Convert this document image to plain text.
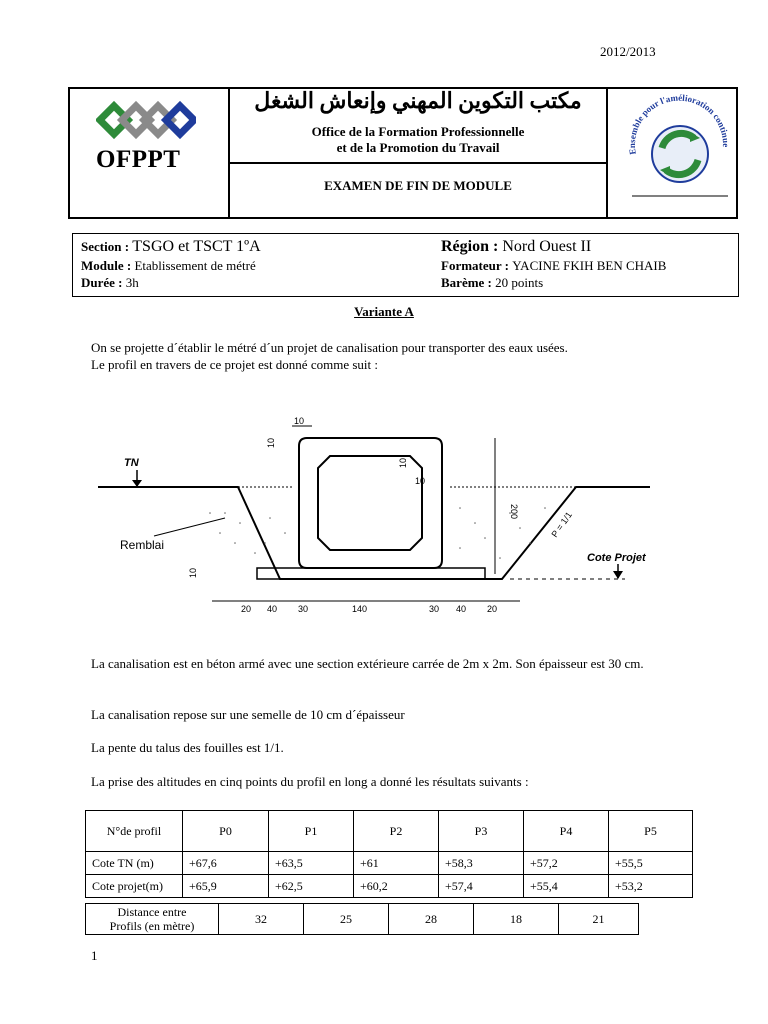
2012/2013
OFPPT
مكتب التكوين المهني وإنعاش الشغل
Office de la Formation Professionnelle
et de la Promotion du Travail
EXAMEN DE FIN DE MODULE
Ensemble pour l'amélioration continue
Section : TSGO et TSCT 1ºA	Région : Nord Ouest II
Module : Etablissement de métré	Formateur : YACINE FKIH BEN CHAIB
Durée : 3h	Barème : 20 points
Variante A
On se projette d´établir le métré d´un projet de canalisation pour transporter des eaux usées.
Le profil en travers de ce projet est donné comme suit :
TN
Remblai
Cote Projet
P = 1/1
10
10
10
10
200
10
20 40 30	140	30 40 20
La canalisation est en béton armé avec une section extérieure carrée de 2m x 2m. Son épaisseur est 30 cm.
La canalisation repose sur une semelle de 10 cm d´épaisseur
La pente du talus des fouilles est 1/1.
La prise des altitudes en cinq points du profil en long a donné les résultats suivants :
N°de profil	P0	P1	P2	P3	P4	P5
Cote TN (m)	+67,6	+63,5	+61	+58,3	+57,2	+55,5
Cote projet(m)	+65,9	+62,5	+60,2	+57,4	+55,4	+53,2
Distance entre
Profils (en mètre)
	32	25	28	18	21
1
